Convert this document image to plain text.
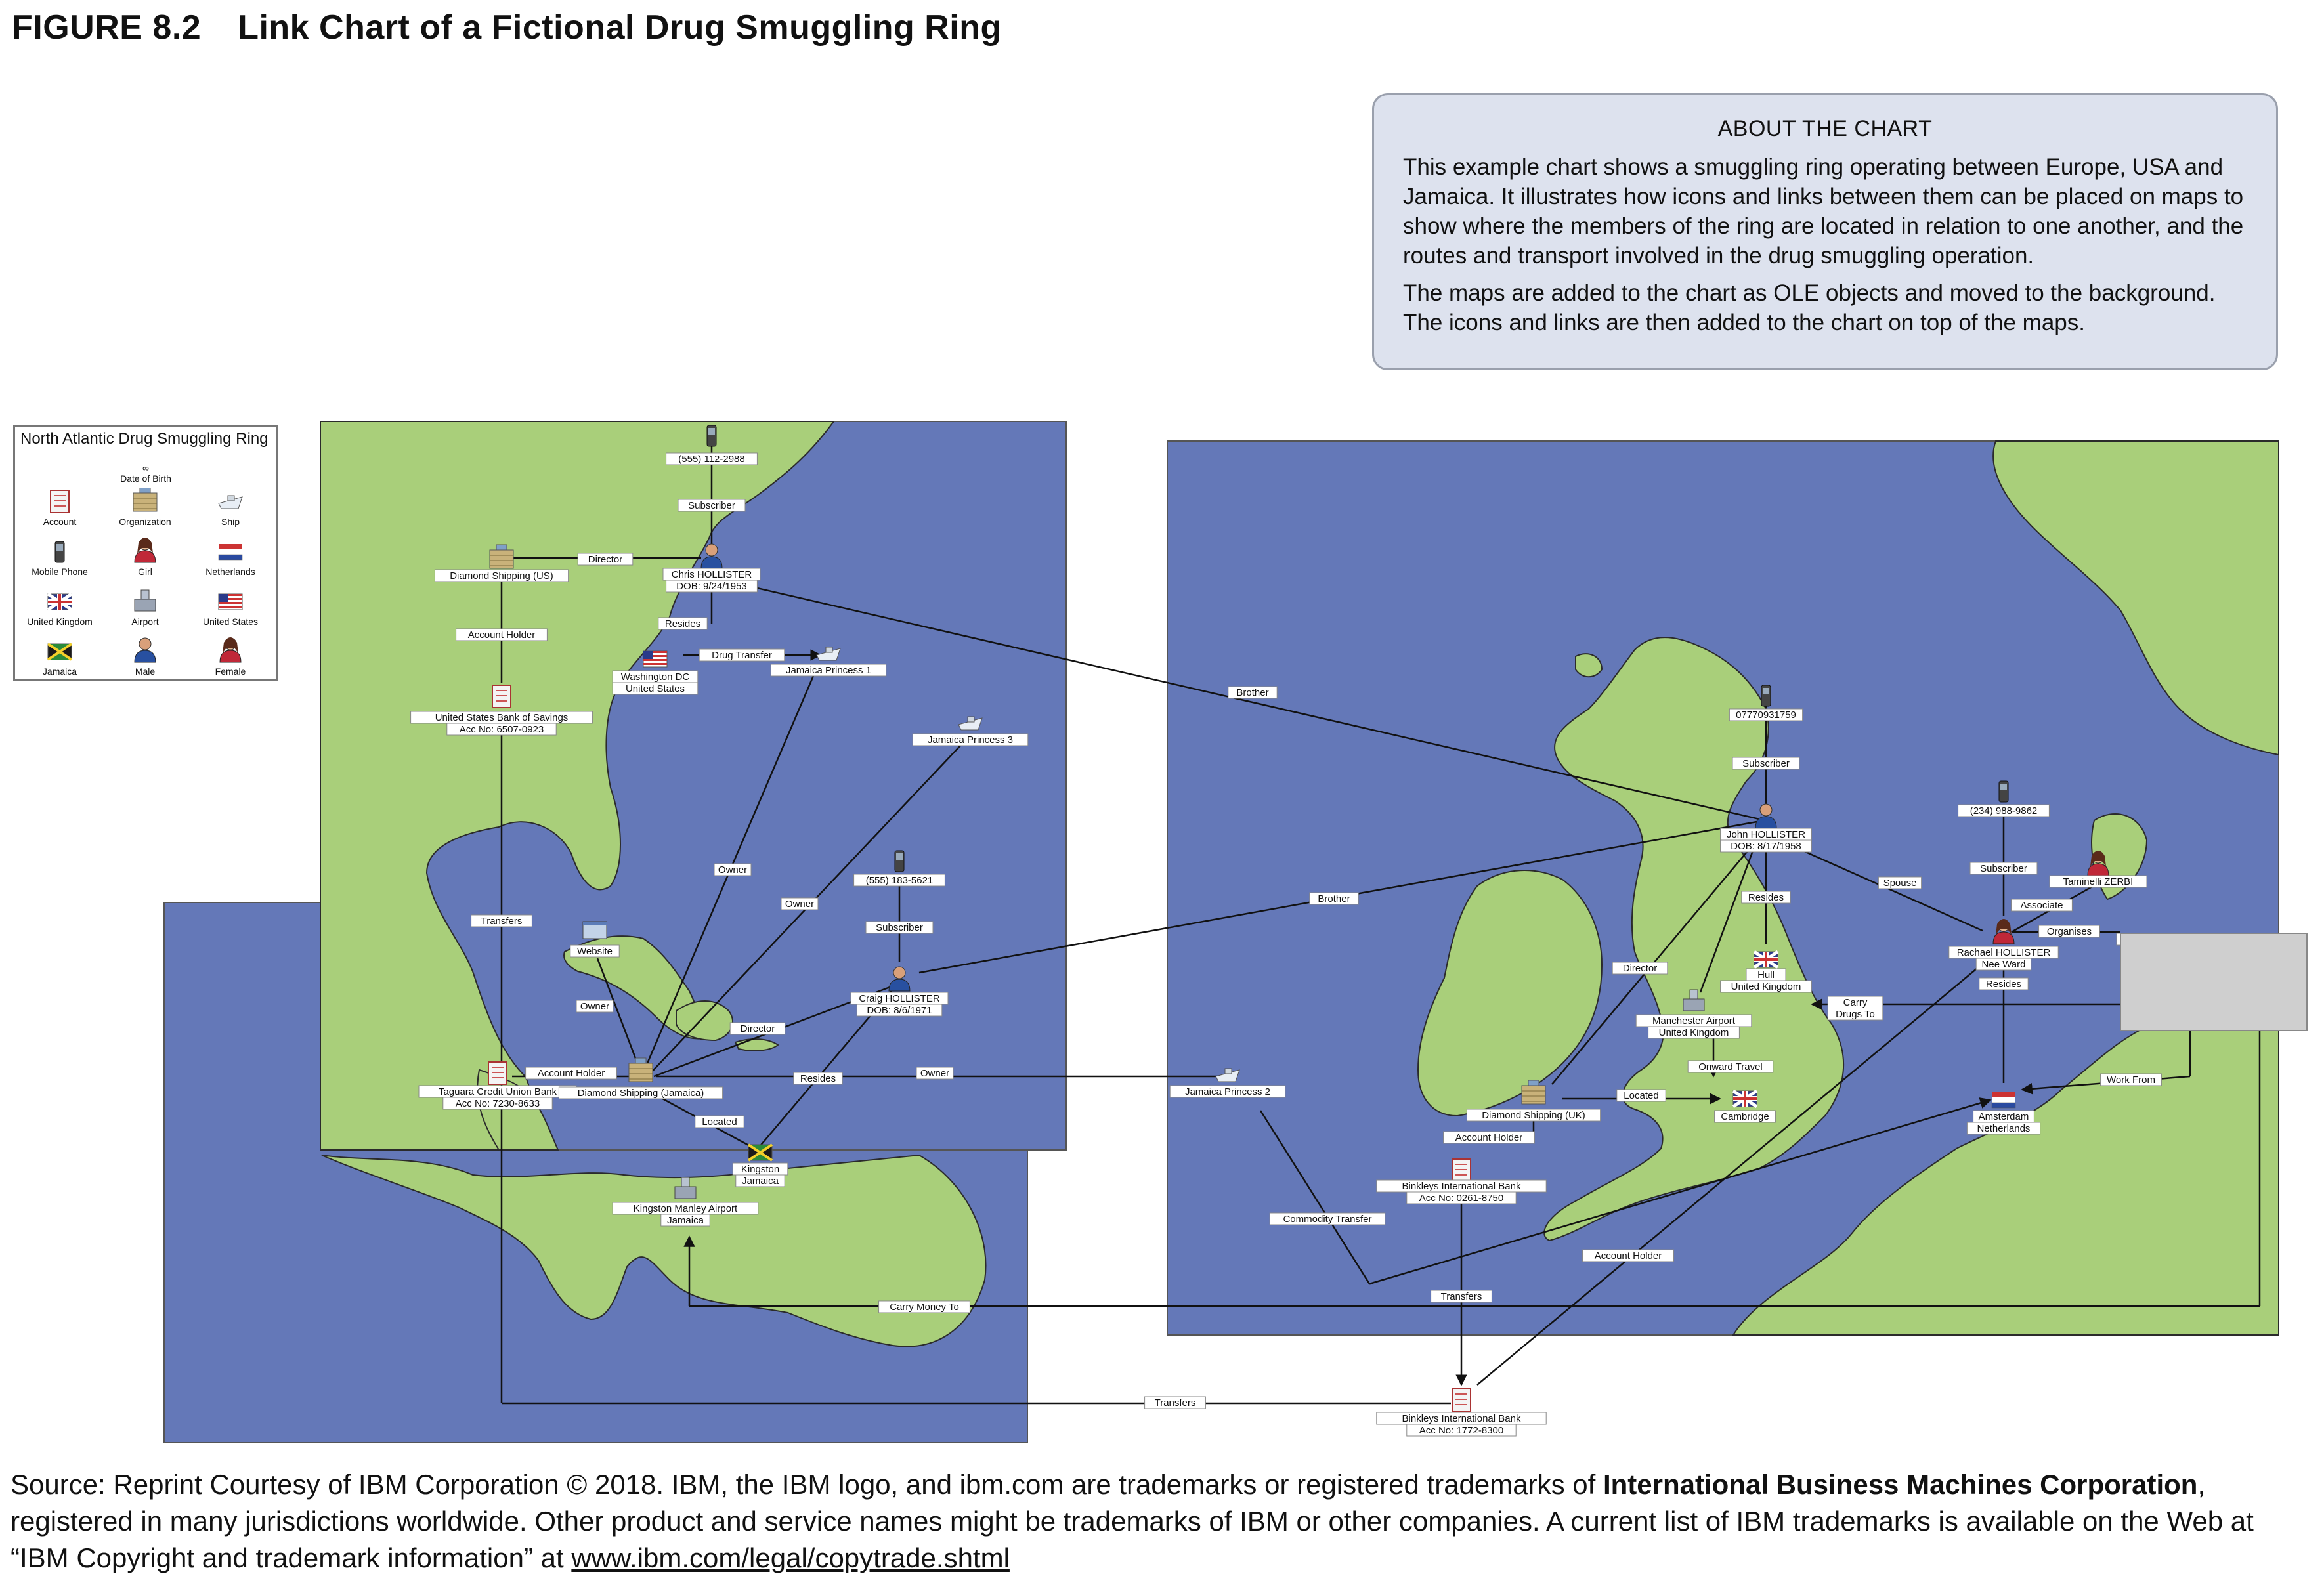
FIGURE 8.2 Link Chart of a Fictional Drug Smuggling Ring
ABOUT THE CHART

This example chart shows a smuggling ring operating between Europe, USA and Jamaica. It illustrates how icons and links between them can be placed on maps to show where the members of the ring are located in relation to one another, and the routes and transport involved in the drug smuggling operation.

The maps are added to the chart as OLE objects and moved to the background. The icons and links are then added to the chart on top of the maps.

Subscriber
Director
Resides
Drug Transfer
Account Holder
Brother
Transfers
Owner
Owner
Owner
Director
Account Holder	Owner
Resides
Located
Subscriber
Brother
Transfers
Carry Money To
Subscriber
Resides
Spouse
Director
Carry
Drugs To
Onward Travel
Located
Account Holder
Commodity Transfer
Transfers
Account Holder
Subscriber
Associate
Organises
Resides
Work From
(555) 112-2988
Diamond Shipping (US)	Chris HOLLISTER
DOB: 9/24/1953
Washington DC
United States
Jamaica Princess 1
United States Bank of Savings
Acc No: 6507-0923
Jamaica Princess 3
(555) 183-5621
Website
Craig HOLLISTER
DOB: 8/6/1971
Taguara Credit Union Bank
Acc No: 7230-8633
Diamond Shipping (Jamaica)
Kingston
Jamaica
Kingston Manley Airport
Jamaica
Jamaica Princess 2
07770931759
John HOLLISTER
DOB: 8/17/1958
Hull
United Kingdom
Manchester Airport
United Kingdom
Diamond Shipping (UK)	Cambridge
Binkleys International Bank
Acc No: 0261-8750
Binkleys International Bank
Acc No: 1772-8300
(234) 988-9862
Taminelli ZERBI
Rachael HOLLISTER
Nee Ward
Amsterdam
Netherlands
North Atlantic Drug Smuggling Ring
∞
Date of Birth
Account	Organization	Ship
Mobile Phone	Girl	Netherlands
United Kingdom	Airport	United States
Jamaica	Male	Female
Source: Reprint Courtesy of IBM Corporation © 2018. IBM, the IBM logo, and ibm.com are trademarks or registered trademarks of International Business Machines Corporation, registered in many jurisdictions worldwide. Other product and service names might be trademarks of IBM or other companies. A current list of IBM trademarks is available on the Web at “IBM Copyright and trademark information” at www.ibm.com/legal/copytrade.shtml
